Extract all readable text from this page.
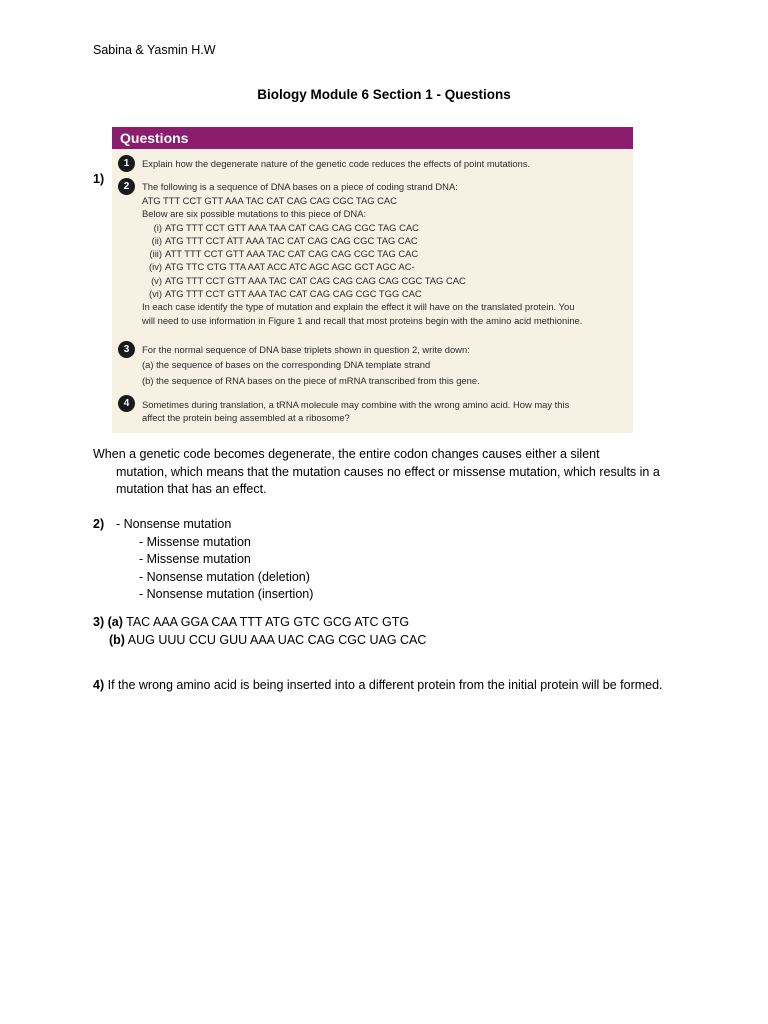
Sabina & Yasmin H.W
Biology Module 6 Section 1 - Questions
1)
Questions
1	Explain how the degenerate nature of the genetic code reduces the effects of point mutations.
2	The following is a sequence of DNA bases on a piece of coding strand DNA:
ATG TTT CCT GTT AAA TAC CAT CAG CAG CGC TAG CAC
Below are six possible mutations to this piece of DNA:
(i) ATG TTT CCT GTT AAA TAA CAT CAG CAG CGC TAG CAC
(ii) ATG TTT CCT ATT AAA TAC CAT CAG CAG CGC TAG CAC
(iii) ATT TTT CCT GTT AAA TAC CAT CAG CAG CGC TAG CAC
(iv) ATG TTC CTG TTA AAT ACC ATC AGC AGC GCT AGC AC-
(v) ATG TTT CCT GTT AAA TAC CAT CAG CAG CAG CAG CGC TAG CAC
(vi) ATG TTT CCT GTT AAA TAC CAT CAG CAG CGC TGG CAC
In each case identify the type of mutation and explain the effect it will have on the translated protein. You
will need to use information in Figure 1 and recall that most proteins begin with the amino acid methionine.
3	For the normal sequence of DNA base triplets shown in question 2, write down:
(a) the sequence of bases on the corresponding DNA template strand
(b) the sequence of RNA bases on the piece of mRNA transcribed from this gene.
4	Sometimes during translation, a tRNA molecule may combine with the wrong amino acid. How may this
affect the protein being assembled at a ribosome?
When a genetic code becomes degenerate, the entire codon changes causes either a silent
mutation, which means that the mutation causes no effect or missense mutation, which results in a mutation that has an effect.
2) - Nonsense mutation
- Missense mutation
- Missense mutation
- Nonsense mutation (deletion)
- Nonsense mutation (insertion)
3) (a) TAC AAA GGA CAA TTT ATG GTC GCG ATC GTG
(b) AUG UUU CCU GUU AAA UAC CAG CGC UAG CAC
4) If the wrong amino acid is being inserted into a different protein from the initial protein will be formed.
